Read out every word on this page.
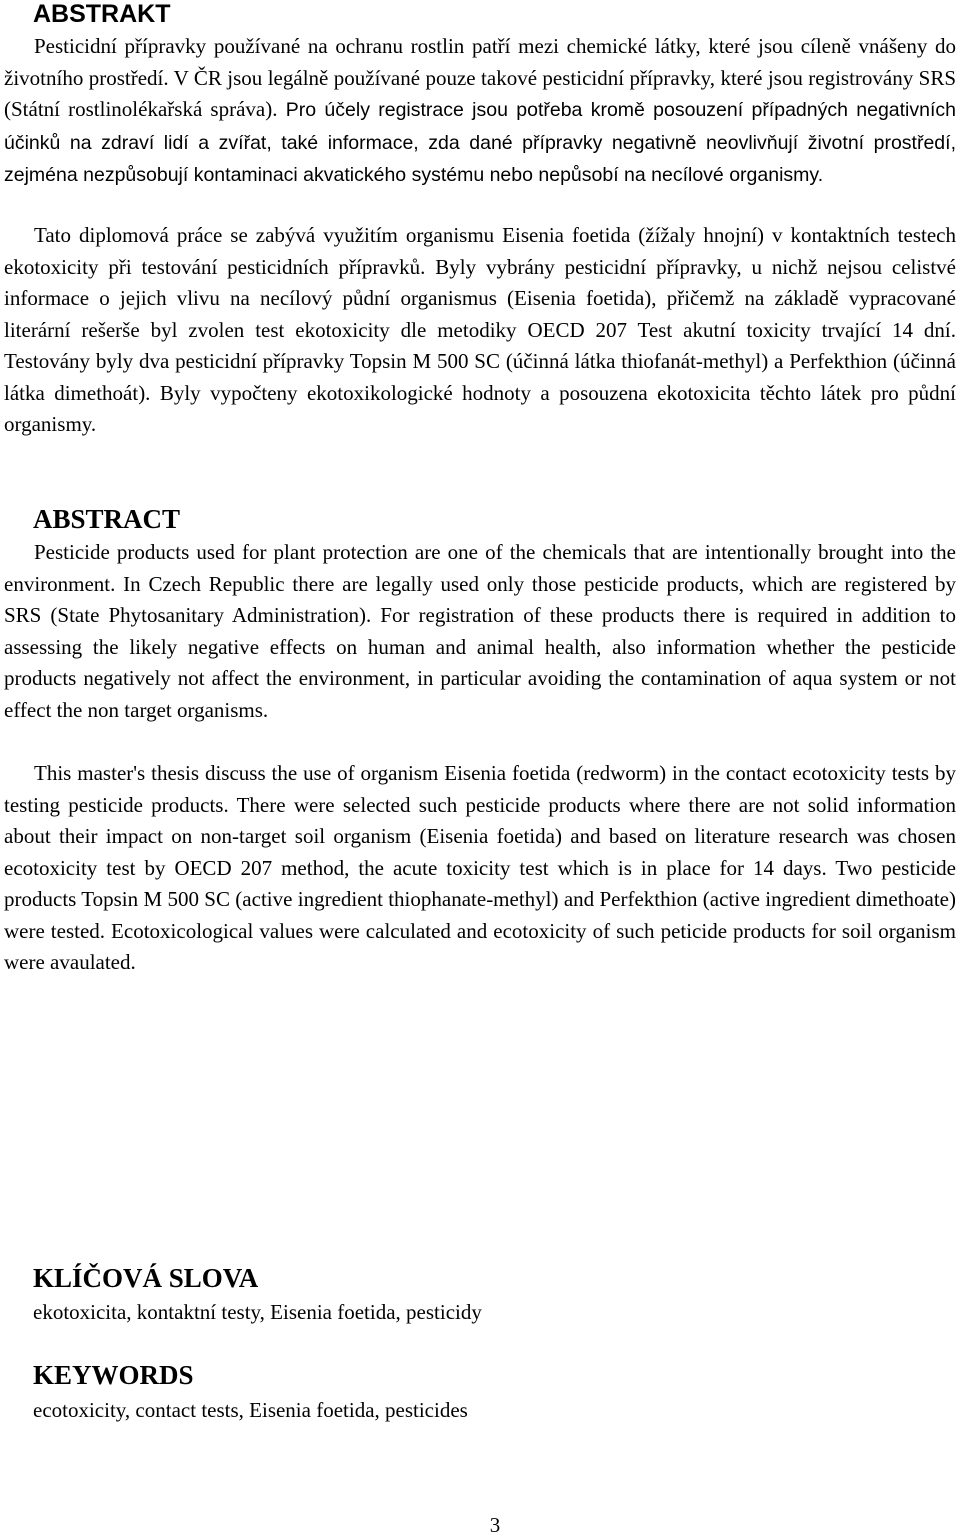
ABSTRAKT

Pesticidní přípravky používané na ochranu rostlin patří mezi chemické látky, které jsou cíleně vnášeny do životního prostředí. V ČR jsou legálně používané pouze takové pesticidní přípravky, které jsou registrovány SRS (Státní rostlinolékařská správa). Pro účely registrace jsou potřeba kromě posouzení případných negativních účinků na zdraví lidí a zvířat, také informace, zda dané přípravky negativně neovlivňují životní prostředí, zejména nezpůsobují kontaminaci akvatického systému nebo nepůsobí na necílové organismy.

Tato diplomová práce se zabývá využitím organismu Eisenia foetida (žížaly hnojní) v kontaktních testech ekotoxicity při testování pesticidních přípravků. Byly vybrány pesticidní přípravky, u nichž nejsou celistvé informace o jejich vlivu na necílový půdní organismus (Eisenia foetida), přičemž na základě vypracované literární rešerše byl zvolen test ekotoxicity dle metodiky OECD 207 Test akutní toxicity trvající 14 dní. Testovány byly dva pesticidní přípravky Topsin M 500 SC (účinná látka thiofanát-methyl) a Perfekthion (účinná látka dimethoát). Byly vypočteny ekotoxikologické hodnoty a posouzena ekotoxicita těchto látek pro půdní organismy.

ABSTRACT

Pesticide products used for plant protection are one of the chemicals that are intentionally brought into the environment. In Czech Republic there are legally used only those pesticide products, which are registered by SRS (State Phytosanitary Administration). For registration of these products there is required in addition to assessing the likely negative effects on human and animal health, also information whether the pesticide products negatively not affect the environment, in particular avoiding the contamination of aqua system or not effect the non target organisms.

This master's thesis discuss the use of organism Eisenia foetida (redworm) in the contact ecotoxicity tests by testing pesticide products. There were selected such pesticide products where there are not solid information about their impact on non-target soil organism (Eisenia foetida) and based on literature research was chosen ecotoxicity test by OECD 207 method, the acute toxicity test which is in place for 14 days. Two pesticide products Topsin M 500 SC (active ingredient thiophanate-methyl) and Perfekthion (active ingredient dimethoate) were tested. Ecotoxicological values were calculated and ecotoxicity of such peticide products for soil organism were avaulated.

KLÍČOVÁ SLOVA

ekotoxicita, kontaktní testy, Eisenia foetida, pesticidy

KEYWORDS

ecotoxicity, contact tests, Eisenia foetida, pesticides

3
